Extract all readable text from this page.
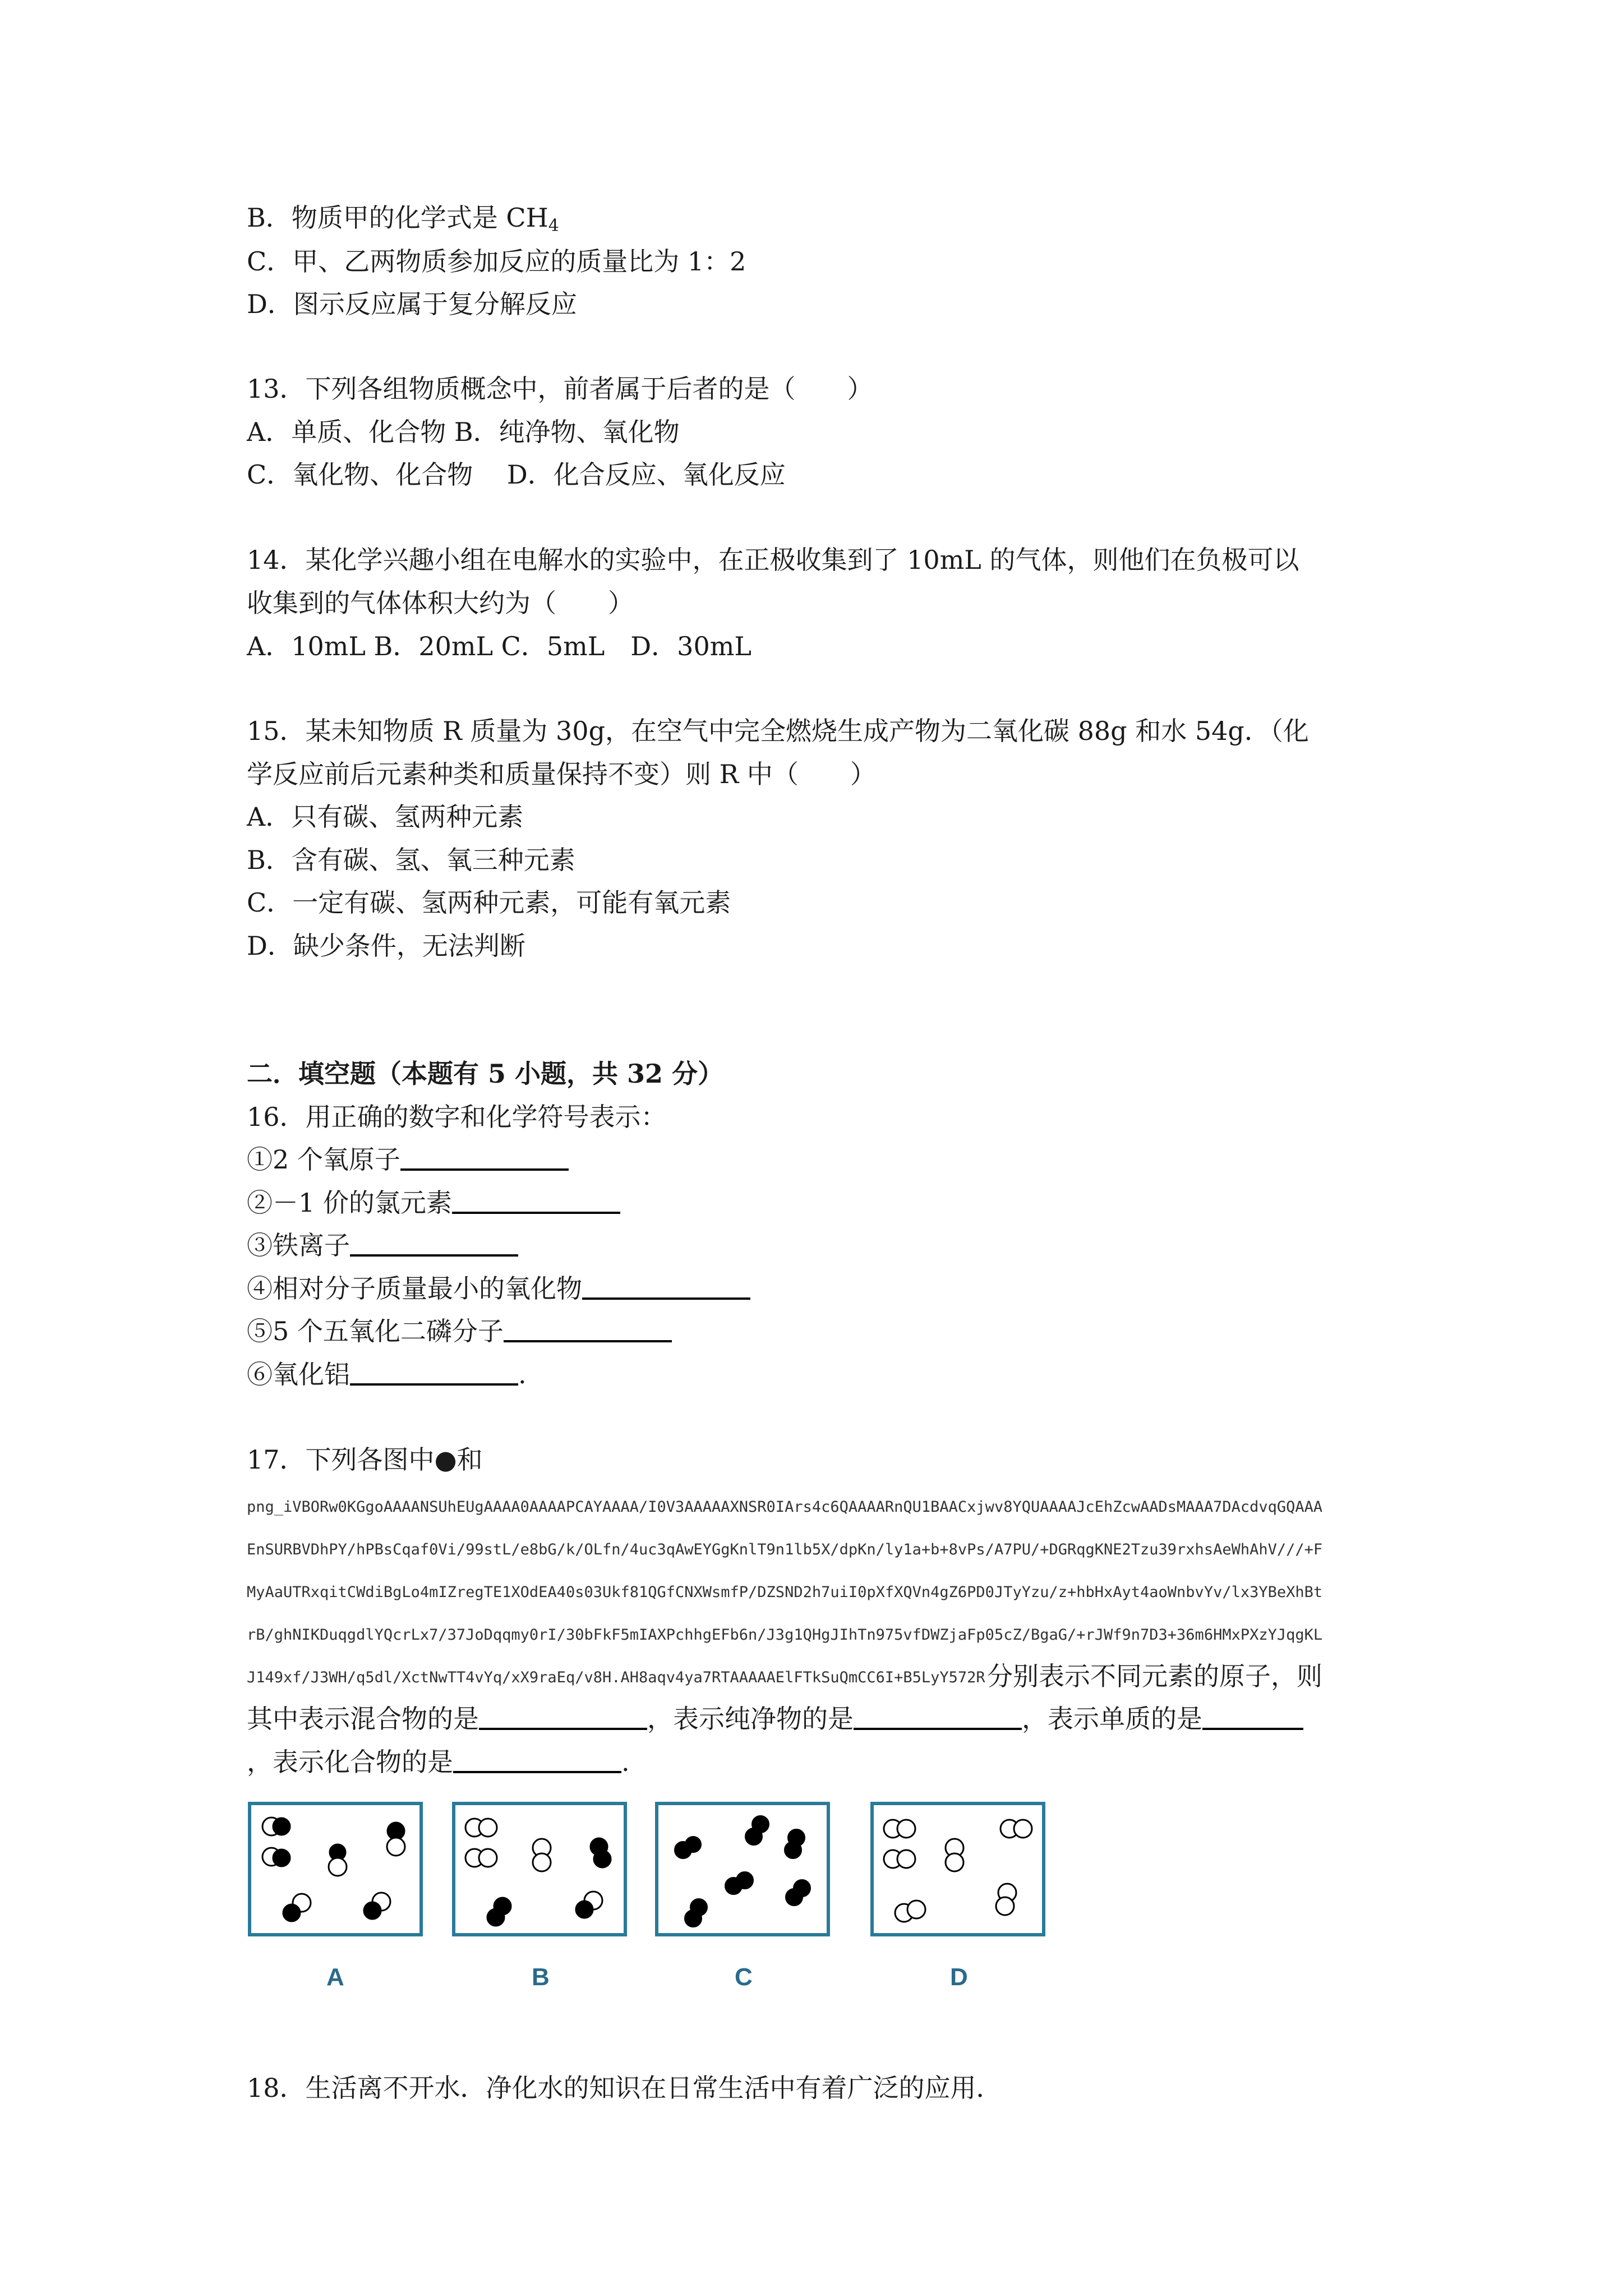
B．物质甲的化学式是 $CH_4$
C．甲、乙两物质参加反应的质量比为 1：2
D．图示反应属于复分解反应
13．下列各组物质概念中，前者属于后者的是（　　）
A．单质、化合物 B．纯净物、氧化物
C．氧化物、化合物　 D．化合反应、氧化反应
14．某化学兴趣小组在电解水的实验中，在正极收集到了 10mL 的气体，则他们在负极可以
收集到的气体体积大约为（　　）
A．10mL B．20mL C．5mL　D．30mL
15．某未知物质 R 质量为 30g，在空气中完全燃烧生成产物为二氧化碳 88g 和水 54g．（化
学反应前后元素种类和质量保持不变）则 R 中（　　）
A．只有碳、氢两种元素
B．含有碳、氢、氧三种元素
C．一定有碳、氢两种元素，可能有氧元素
D．缺少条件，无法判断
二．填空题（本题有 5 小题，共 32 分）
16．用正确的数字和化学符号表示：
①2 个氧原子
②－1 价的氯元素
③铁离子
④相对分子质量最小的氧化物
⑤5 个五氧化二磷分子
⑥氧化铝	.
17．下列各图中●和
png_iVBORw0KGgoAAAANSUhEUgAAAA0AAAAPCAYAAAA/I0V3AAAAAXNSR0IArs4c6QAAAARnQU1BAACxjwv8YQUAAAAJcEhZcwAADsMAAA7DAcdvqGQAAA
EnSURBVDhPY/hPBsCqaf0Vi/99stL/e8bG/k/OLfn/4uc3qAwEYGgKnlT9n1lb5X/dpKn/ly1a+b+8vPs/A7PU/+DGRqgKNE2Tzu39rxhsAeWhAhV///+F
MyAaUTRxqitCWdiBgLo4mIZregTE1XOdEA40s03Ukf81QGfCNXWsmfP/DZSND2h7uiI0pXfXQVn4gZ6PD0JTyYzu/z+hbHxAyt4aoWnbvYv/lx3YBeXhBt
rB/ghNIKDuqgdlYQcrLx7/37JoDqqmy0rI/30bFkF5mIAXPchhgEFb6n/J3g1QHgJIhTn975vfDWZjaFp05cZ/BgaG/+rJWf9n7D3+36m6HMxPXzYJqgKL
J149xf/J3WH/q5dl/XctNwTT4vYq/xX9raEq/v8H.AH8aqv4ya7RTAAAAAElFTkSuQmCC6I+B5LyY572R 分别表示不同元素的原子，则
其中表示混合物的是	，表示纯净物的是	，表示单质的是
，表示化合物的是	.
A	B	C	D
18．生活离不开水．净化水的知识在日常生活中有着广泛的应用．
